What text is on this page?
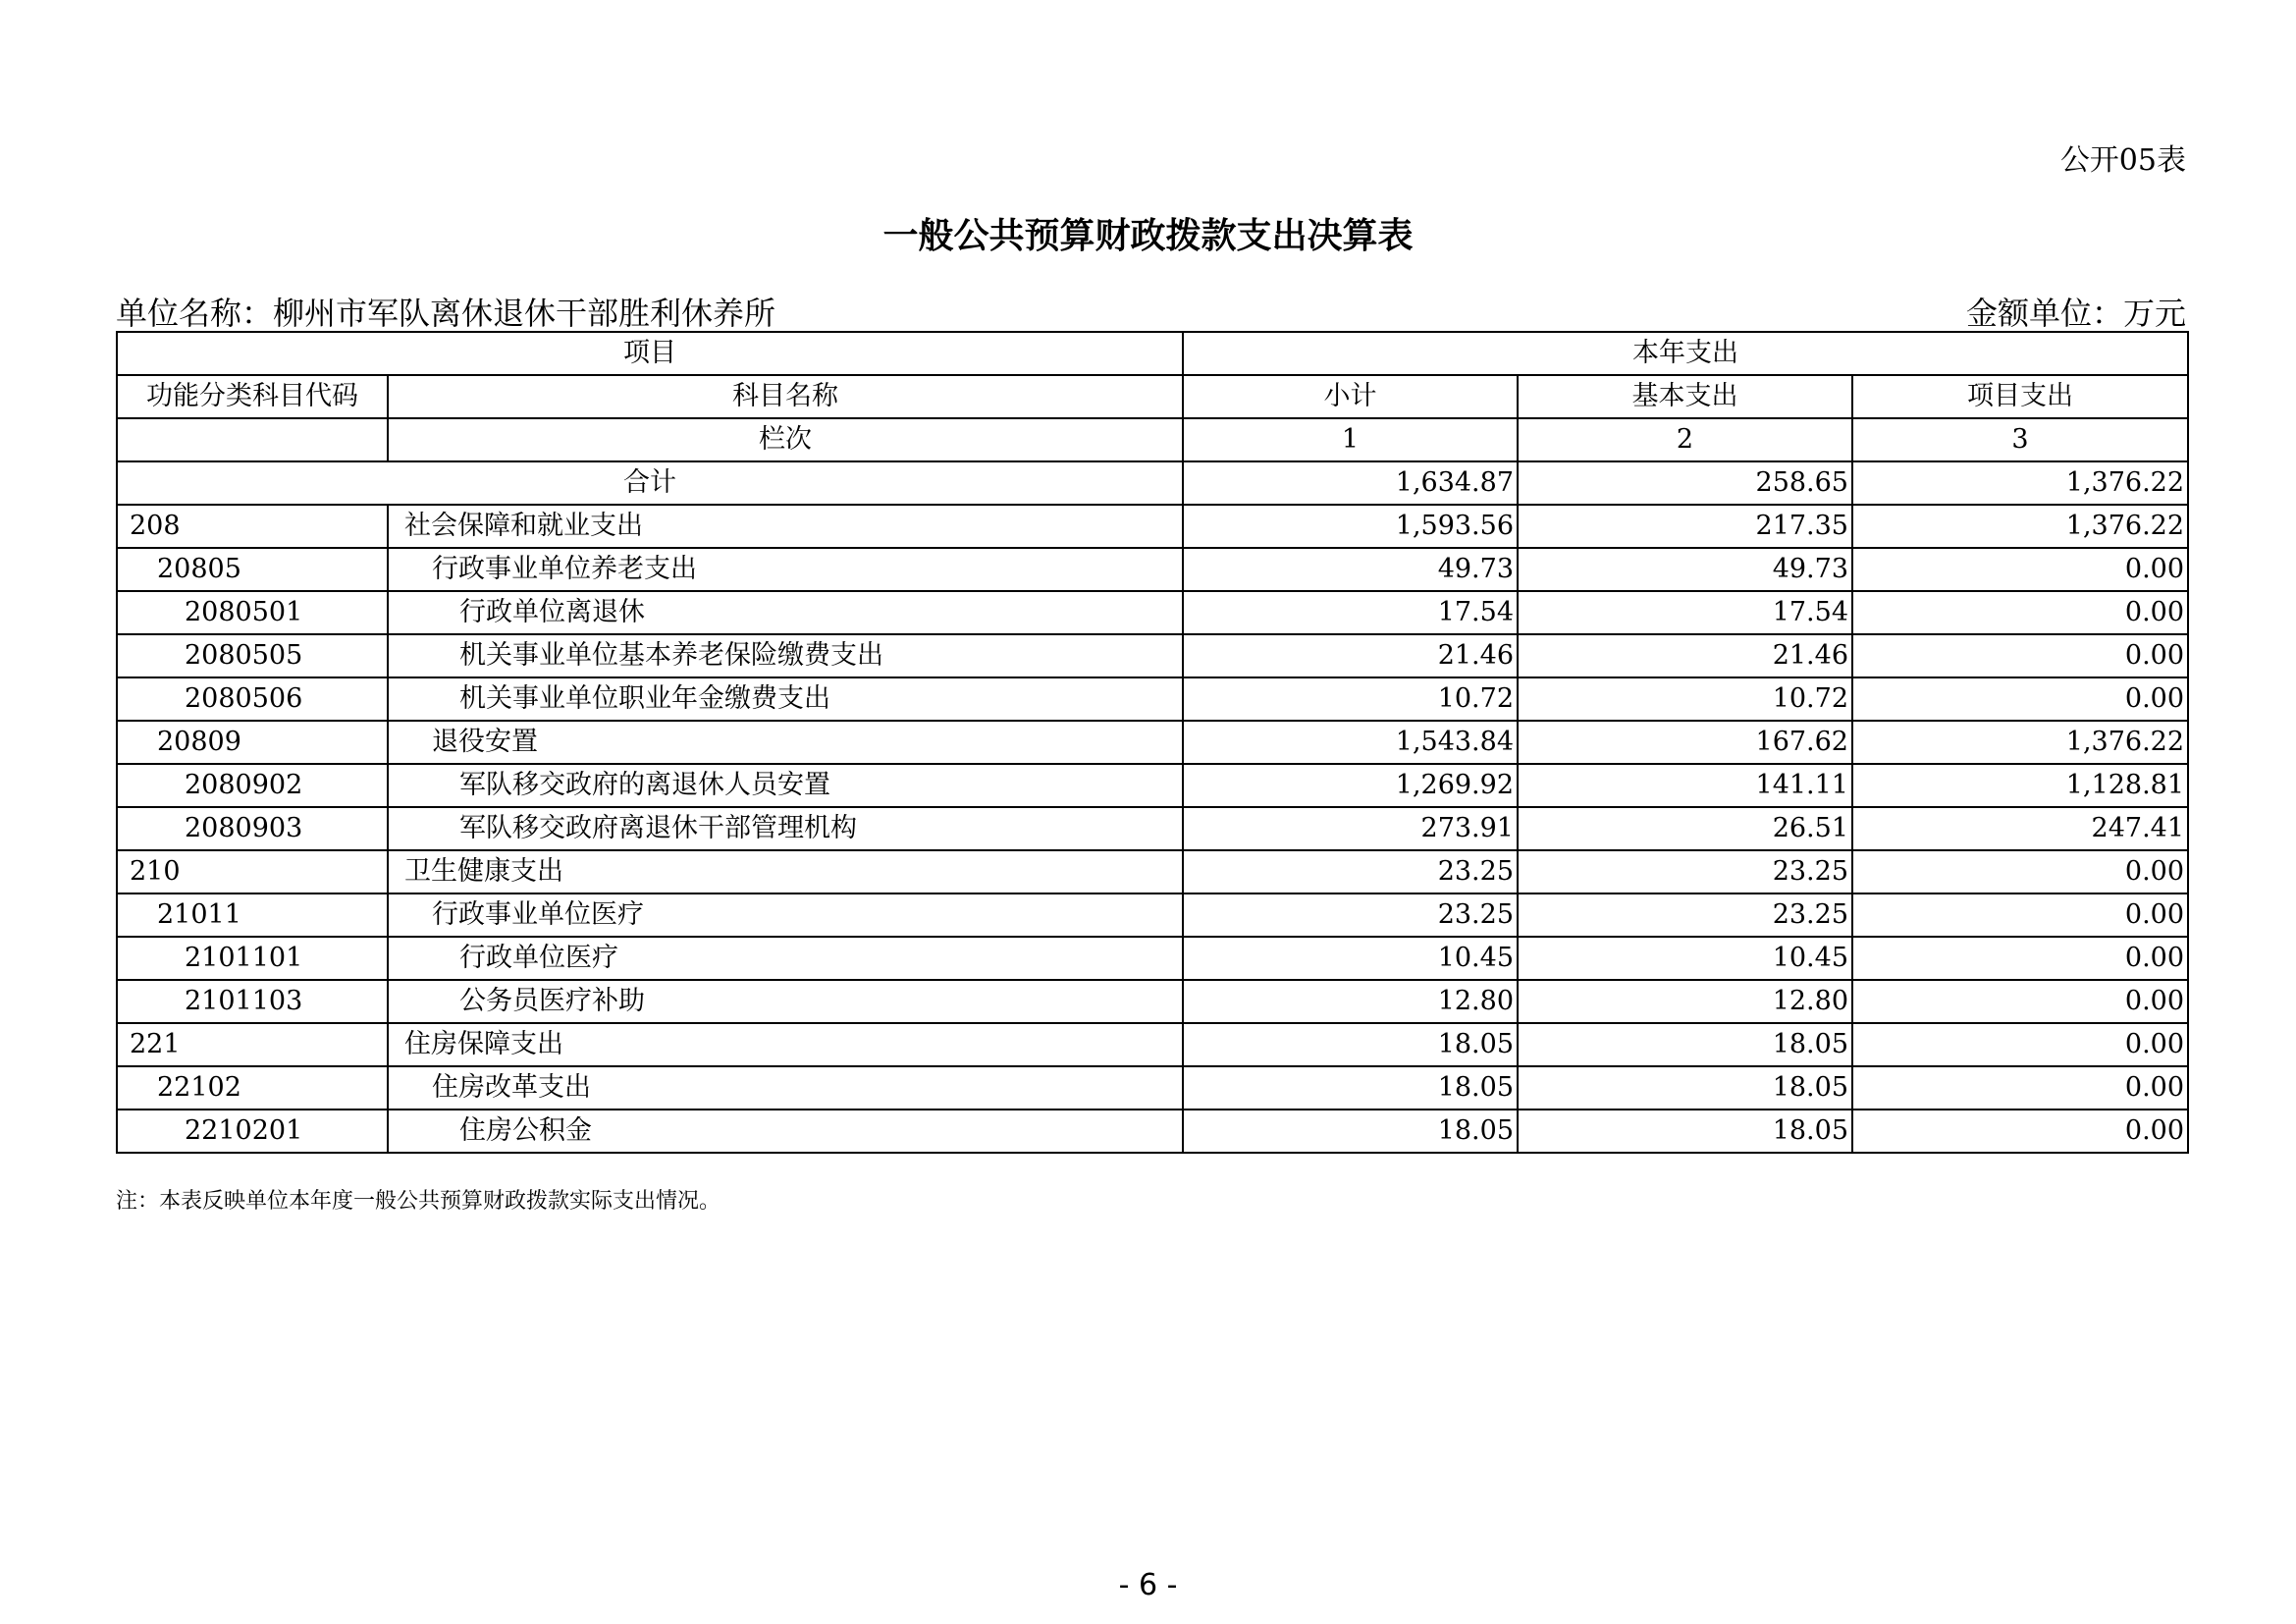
公开05表
一般公共预算财政拨款支出决算表
单位名称：柳州市军队离休退休干部胜利休养所	金额单位：万元
项目		本年支出		
功能分类科目代码	科目名称	小计	基本支出	项目支出
	栏次	1	2	3
合计		1,634.87	258.65	1,376.22
208	社会保障和就业支出	1,593.56	217.35	1,376.22
20805	行政事业单位养老支出	49.73	49.73	0.00
2080501	行政单位离退休	17.54	17.54	0.00
2080505	机关事业单位基本养老保险缴费支出	21.46	21.46	0.00
2080506	机关事业单位职业年金缴费支出	10.72	10.72	0.00
20809	退役安置	1,543.84	167.62	1,376.22
2080902	军队移交政府的离退休人员安置	1,269.92	141.11	1,128.81
2080903	军队移交政府离退休干部管理机构	273.91	26.51	247.41
210	卫生健康支出	23.25	23.25	0.00
21011	行政事业单位医疗	23.25	23.25	0.00
2101101	行政单位医疗	10.45	10.45	0.00
2101103	公务员医疗补助	12.80	12.80	0.00
221	住房保障支出	18.05	18.05	0.00
22102	住房改革支出	18.05	18.05	0.00
2210201	住房公积金	18.05	18.05	0.00
注：本表反映单位本年度一般公共预算财政拨款实际支出情况。
- 6 -
